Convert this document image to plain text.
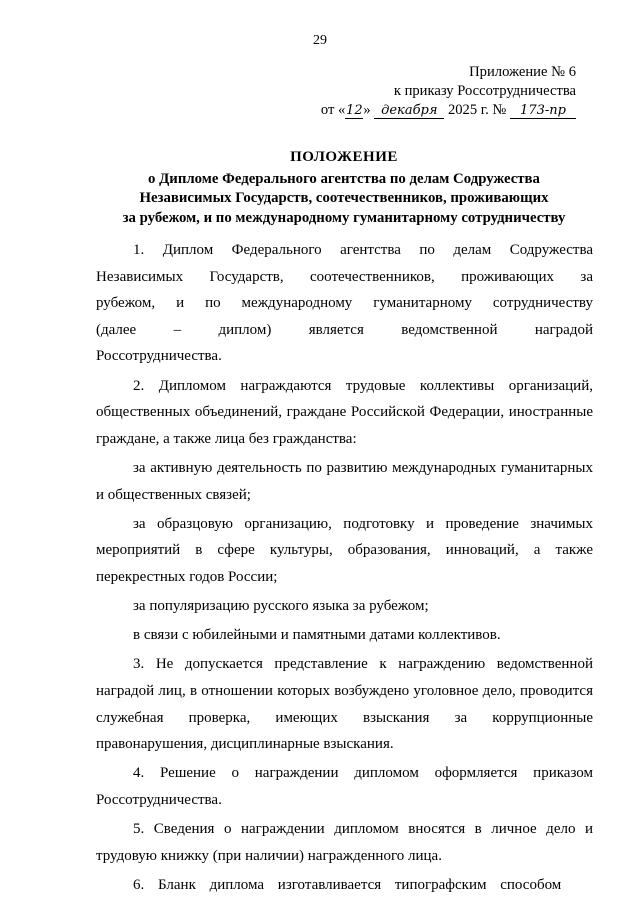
29
Приложение № 6
к приказу Россотрудничества
от «12» декабря 2025 г. № 173-пр
ПОЛОЖЕНИЕ
о Дипломе Федерального агентства по делам Содружества
Независимых Государств, соотечественников, проживающих
за рубежом, и по международному гуманитарному сотрудничеству

1. Диплом Федерального агентства по делам Содружества Независимых Государств, соотечественников, проживающих за рубежом, и по международному гуманитарному сотрудничеству (далее – диплом) является ведомственной наградой Россотрудничества.

2. Дипломом награждаются трудовые коллективы организаций, общественных объединений, граждане Российской Федерации, иностранные граждане, а также лица без гражданства:

за активную деятельность по развитию международных гуманитарных и общественных связей;

за образцовую организацию, подготовку и проведение значимых мероприятий в сфере культуры, образования, инноваций, а также перекрестных годов России;

за популяризацию русского языка за рубежом;

в связи с юбилейными и памятными датами коллективов.

3. Не допускается представление к награждению ведомственной наградой лиц, в отношении которых возбуждено уголовное дело, проводится служебная проверка, имеющих взыскания за коррупционные правонарушения, дисциплинарные взыскания.

4. Решение о награждении дипломом оформляется приказом Россотрудничества.

5. Сведения о награждении дипломом вносятся в личное дело и трудовую книжку (при наличии) награжденного лица.

6. Бланк диплома изготавливается типографским способом
